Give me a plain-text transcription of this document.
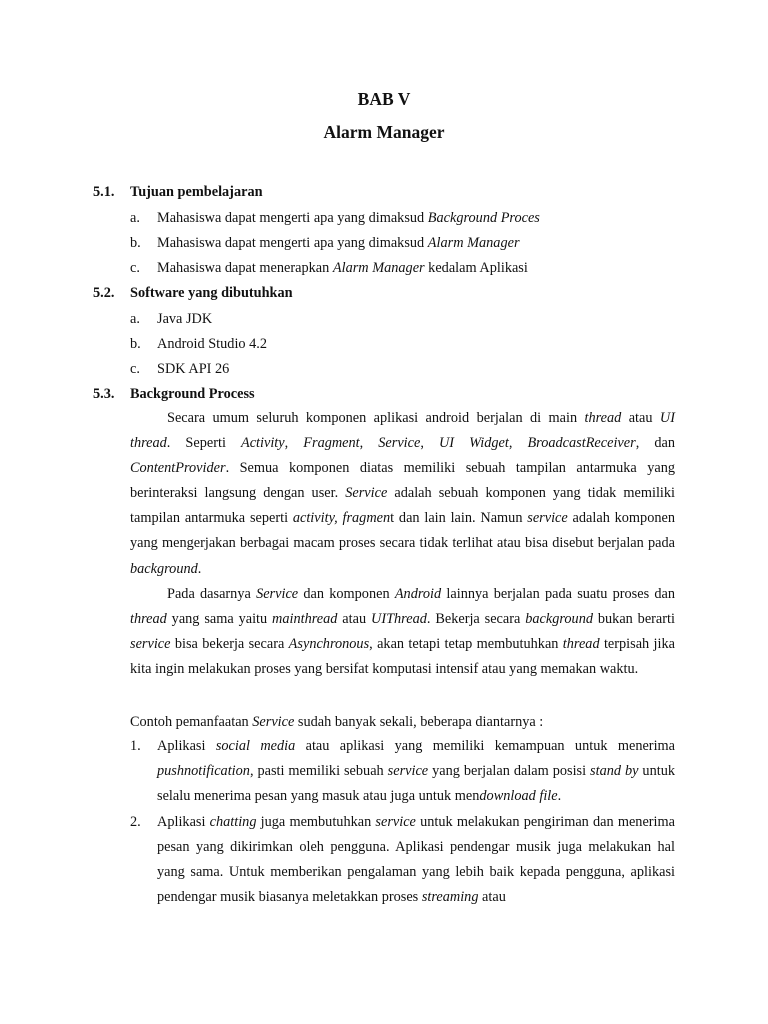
BAB V
Alarm Manager
5.1. Tujuan pembelajaran
a. Mahasiswa dapat mengerti apa yang dimaksud Background Proces
b. Mahasiswa dapat mengerti apa yang dimaksud Alarm Manager
c. Mahasiswa dapat menerapkan Alarm Manager kedalam Aplikasi
5.2. Software yang dibutuhkan
a. Java JDK
b. Android Studio 4.2
c. SDK API 26
5.3. Background Process

Secara umum seluruh komponen aplikasi android berjalan di main thread atau UI thread. Seperti Activity, Fragment, Service, UI Widget, BroadcastReceiver, dan ContentProvider. Semua komponen diatas memiliki sebuah tampilan antarmuka yang berinteraksi langsung dengan user. Service adalah sebuah komponen yang tidak memiliki tampilan antarmuka seperti activity, fragment dan lain lain. Namun service adalah komponen yang mengerjakan berbagai macam proses secara tidak terlihat atau bisa disebut berjalan pada background.

Pada dasarnya Service dan komponen Android lainnya berjalan pada suatu proses dan thread yang sama yaitu mainthread atau UIThread. Bekerja secara background bukan berarti service bisa bekerja secara Asynchronous, akan tetapi tetap membutuhkan thread terpisah jika kita ingin melakukan proses yang bersifat komputasi intensif atau yang memakan waktu.

Contoh pemanfaatan Service sudah banyak sekali, beberapa diantarnya :
1. Aplikasi social media atau aplikasi yang memiliki kemampuan untuk menerima pushnotification, pasti memiliki sebuah service yang berjalan dalam posisi stand by untuk selalu menerima pesan yang masuk atau juga untuk mendownload file.

2. Aplikasi chatting juga membutuhkan service untuk melakukan pengiriman dan menerima pesan yang dikirimkan oleh pengguna. Aplikasi pendengar musik juga melakukan hal yang sama. Untuk memberikan pengalaman yang lebih baik kepada pengguna, aplikasi pendengar musik biasanya meletakkan proses streaming atau
